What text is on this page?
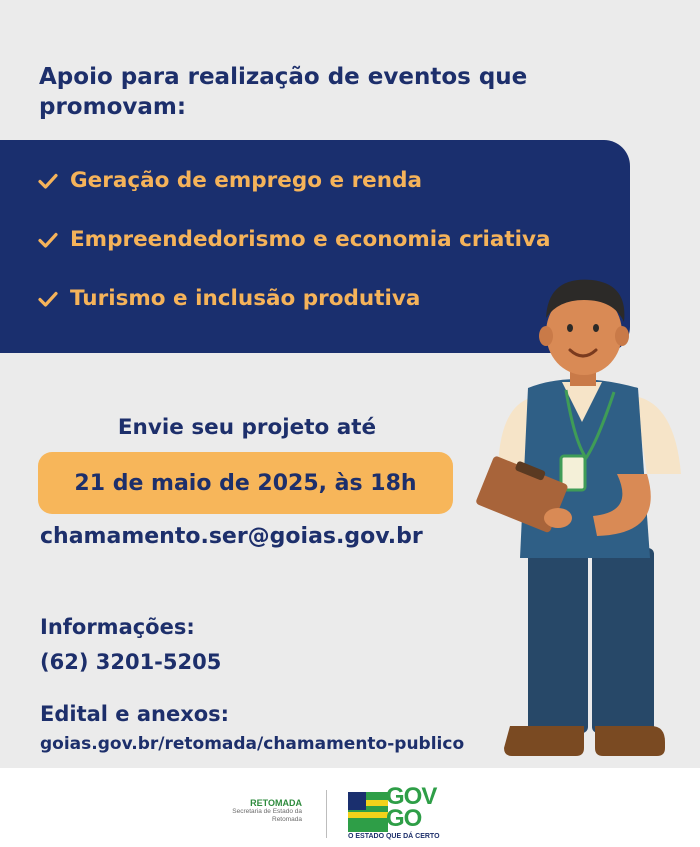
Apoio para realização de eventos que promovam:
Geração de emprego e renda
Empreendedorismo e economia criativa
Turismo e inclusão produtiva
Envie seu projeto até
21 de maio de 2025, às 18h
chamamento.ser@goias.gov.br
Informações:
(62) 3201-5205
Edital e anexos:
goias.gov.br/retomada/chamamento-publico
RETOMADA
Secretaria de Estado da Retomada
GOV
GO
O ESTADO QUE DÁ CERTO
